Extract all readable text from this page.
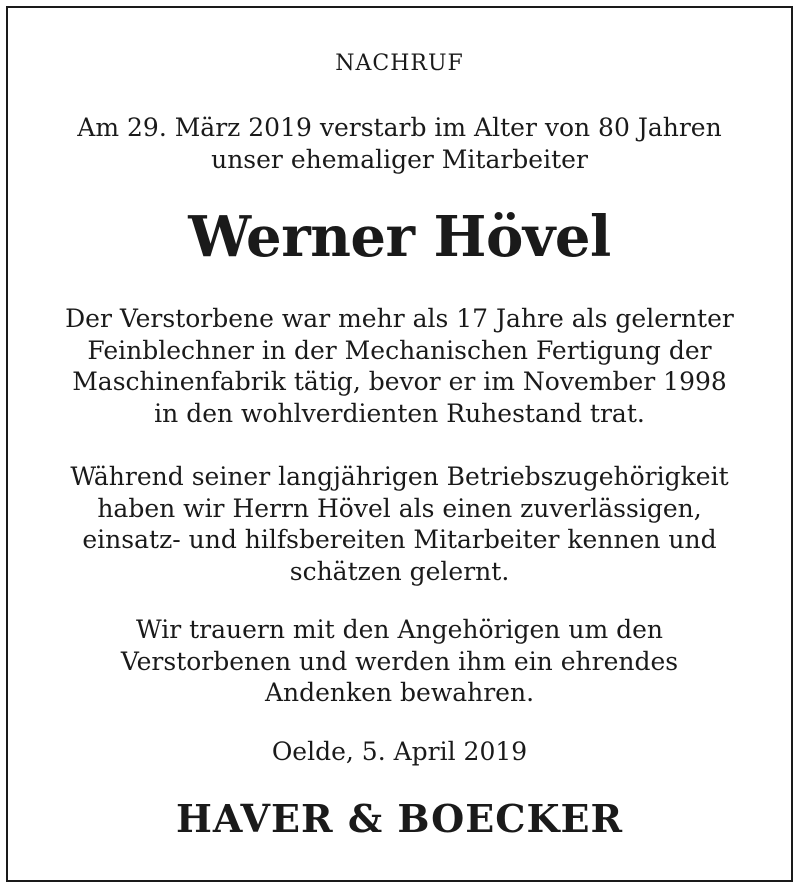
NACHRUF
Am 29. März 2019 verstarb im Alter von 80 Jahren
unser ehemaliger Mitarbeiter
Werner Hövel
Der Verstorbene war mehr als 17 Jahre als gelernter
Feinblechner in der Mechanischen Fertigung der
Maschinenfabrik tätig, bevor er im November 1998
in den wohlverdienten Ruhestand trat.
Während seiner langjährigen Betriebszugehörigkeit
haben wir Herrn Hövel als einen zuverlässigen,
einsatz- und hilfsbereiten Mitarbeiter kennen und
schätzen gelernt.
Wir trauern mit den Angehörigen um den
Verstorbenen und werden ihm ein ehrendes
Andenken bewahren.
Oelde, 5. April 2019
HAVER & BOECKER
